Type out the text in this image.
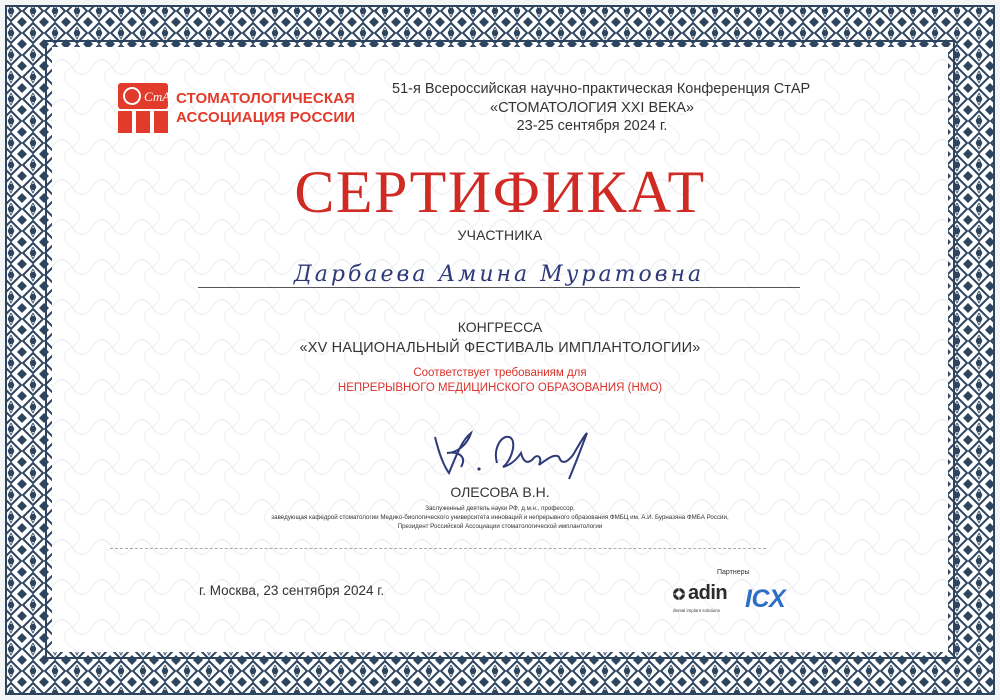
СтАР
СТОМАТОЛОГИЧЕСКАЯ
АССОЦИАЦИЯ РОССИИ
51-я Всероссийская научно-практическая Конференция СтАР
«СТОМАТОЛОГИЯ XXI ВЕКА»
23-25 сентября 2024 г.
СЕРТИФИКАТ
УЧАСТНИКА
Дарбаева Амина Муратовна
КОНГРЕССА
«XV НАЦИОНАЛЬНЫЙ ФЕСТИВАЛЬ ИМПЛАНТОЛОГИИ»
Соответствует требованиям для
НЕПРЕРЫВНОГО МЕДИЦИНСКОГО ОБРАЗОВАНИЯ (НМО)
ОЛЕСОВА В.Н.
Заслуженный деятель науки РФ, д.м.н., профессор,
заведующая кафедрой стоматологии Медико-биологического университета инноваций и непрерывного образования ФМБЦ им. А.И. Бурназяна ФМБА России,
Президент Российской Ассоциации стоматологической имплантологии
г. Москва, 23 сентября 2024 г.
Партнеры
adin
dental implant solutions ICX
